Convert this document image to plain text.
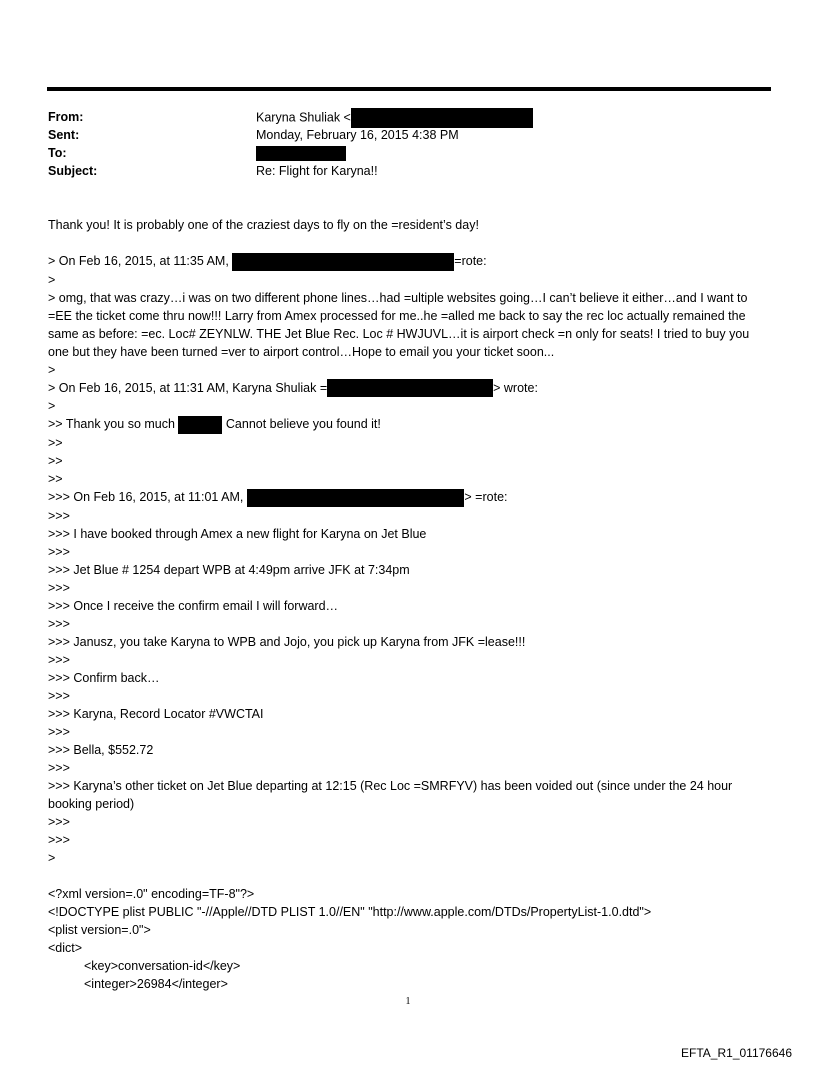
From:	Karyna Shuliak <
Sent:	Monday, February 16, 2015 4:38 PM
To:
Subject:	Re: Flight for Karyna!!
Thank you! It is probably one of the craziest days to fly on the =resident’s day!
> On Feb 16, 2015, at 11:35 AM,	=rote:
>
> omg, that was crazy…i was on two different phone lines…had =ultiple websites going…I can’t believe it either…and I want to =EE the ticket come thru now!!! Larry from Amex processed for me..he =alled me back to say the rec loc actually remained the same as before: =ec. Loc# ZEYNLW. THE Jet Blue Rec. Loc # HWJUVL…it is airport check =n only for seats! I tried to buy you one but they have been turned =ver to airport control…Hope to email you your ticket soon...
>
> On Feb 16, 2015, at 11:31 AM, Karyna Shuliak =	> wrote:
>
>> Thank you so much	Cannot believe you found it!
>>
>>
>>
>>> On Feb 16, 2015, at 11:01 AM,	> =rote:
>>>
>>> I have booked through Amex a new flight for Karyna on Jet Blue
>>>
>>> Jet Blue # 1254 depart WPB at 4:49pm arrive JFK at 7:34pm
>>>
>>> Once I receive the confirm email I will forward…
>>>
>>> Janusz, you take Karyna to WPB and Jojo, you pick up Karyna from JFK =lease!!!
>>>
>>> Confirm back…
>>>
>>> Karyna, Record Locator #VWCTAI
>>>
>>> Bella, $552.72
>>>
>>> Karyna’s other ticket on Jet Blue departing at 12:15 (Rec Loc =SMRFYV) has been voided out (since under the 24 hour booking period)
>>>
>>>
>
<?xml version=.0" encoding=TF-8"?>
<!DOCTYPE plist PUBLIC "-//Apple//DTD PLIST 1.0//EN" "http://www.apple.com/DTDs/PropertyList-1.0.dtd">
<plist version=.0">
<dict>
<key>conversation-id</key>
<integer>26984</integer>
1
EFTA_R1_01176646
